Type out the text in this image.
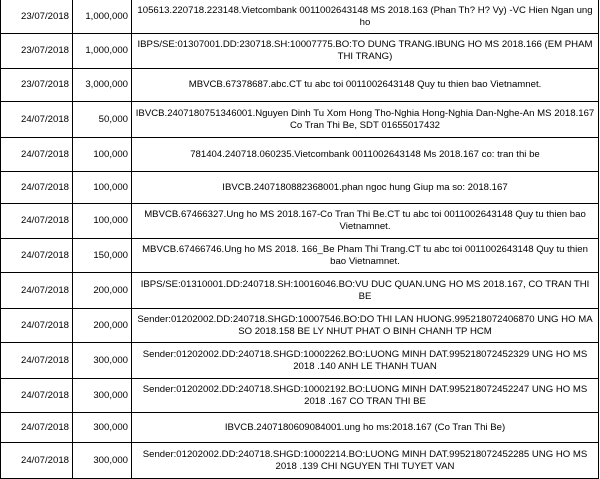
23/07/2018	1,000,000	105613.220718.223148.Vietcombank 0011002643148 MS 2018.163 (Phan Th? H? Vy) -VC Hien Ngan ung ho
23/07/2018	1,000,000	IBPS/SE:01307001.DD:230718.SH:10007775.BO:TO DUNG TRANG.IBUNG HO MS 2018.166 (EM PHAM THI TRANG)
23/07/2018	3,000,000	MBVCB.67378687.abc.CT tu abc toi 0011002643148 Quy tu thien bao Vietnamnet.
24/07/2018	50,000	IBVCB.2407180751346001.Nguyen Dinh Tu Xom Hong Tho-Nghia Hong-Nghia Dan-Nghe-An MS 2018.167 Co Tran Thi Be, SDT 01655017432
24/07/2018	100,000	781404.240718.060235.Vietcombank 0011002643148 Ms 2018.167 co: tran thi be
24/07/2018	100,000	IBVCB.2407180882368001.phan ngoc hung Giup ma so: 2018.167
24/07/2018	100,000	MBVCB.67466327.Ung ho MS 2018.167-Co Tran Thi Be.CT tu abc toi 0011002643148 Quy tu thien bao Vietnamnet.
24/07/2018	150,000	MBVCB.67466746.Ung ho MS 2018. 166_Be Pham Thi Trang.CT tu abc toi 0011002643148 Quy tu thien bao Vietnamnet.
24/07/2018	200,000	IBPS/SE:01310001.DD:240718.SH:10016046.BO:VU DUC QUAN.UNG HO MS 2018.167, CO TRAN THI BE
24/07/2018	200,000	Sender:01202002.DD:240718.SHGD:10007546.BO:DO THI LAN HUONG.995218072406870 UNG HO MA SO 2018.158 BE LY NHUT PHAT O BINH CHANH TP HCM
24/07/2018	300,000	Sender:01202002.DD:240718.SHGD:10002262.BO:LUONG MINH DAT.995218072452329 UNG HO MS 2018 .140 ANH LE THANH TUAN
24/07/2018	300,000	Sender:01202002.DD:240718.SHGD:10002192.BO:LUONG MINH DAT.995218072452247 UNG HO MS 2018 .167 CO TRAN THI BE
24/07/2018	300,000	IBVCB.2407180609084001.ung ho ms:2018.167 (Co Tran Thi Be)
24/07/2018	300,000	Sender:01202002.DD:240718.SHGD:10002214.BO:LUONG MINH DAT.995218072452285 UNG HO MS 2018 .139 CHI NGUYEN THI TUYET VAN
